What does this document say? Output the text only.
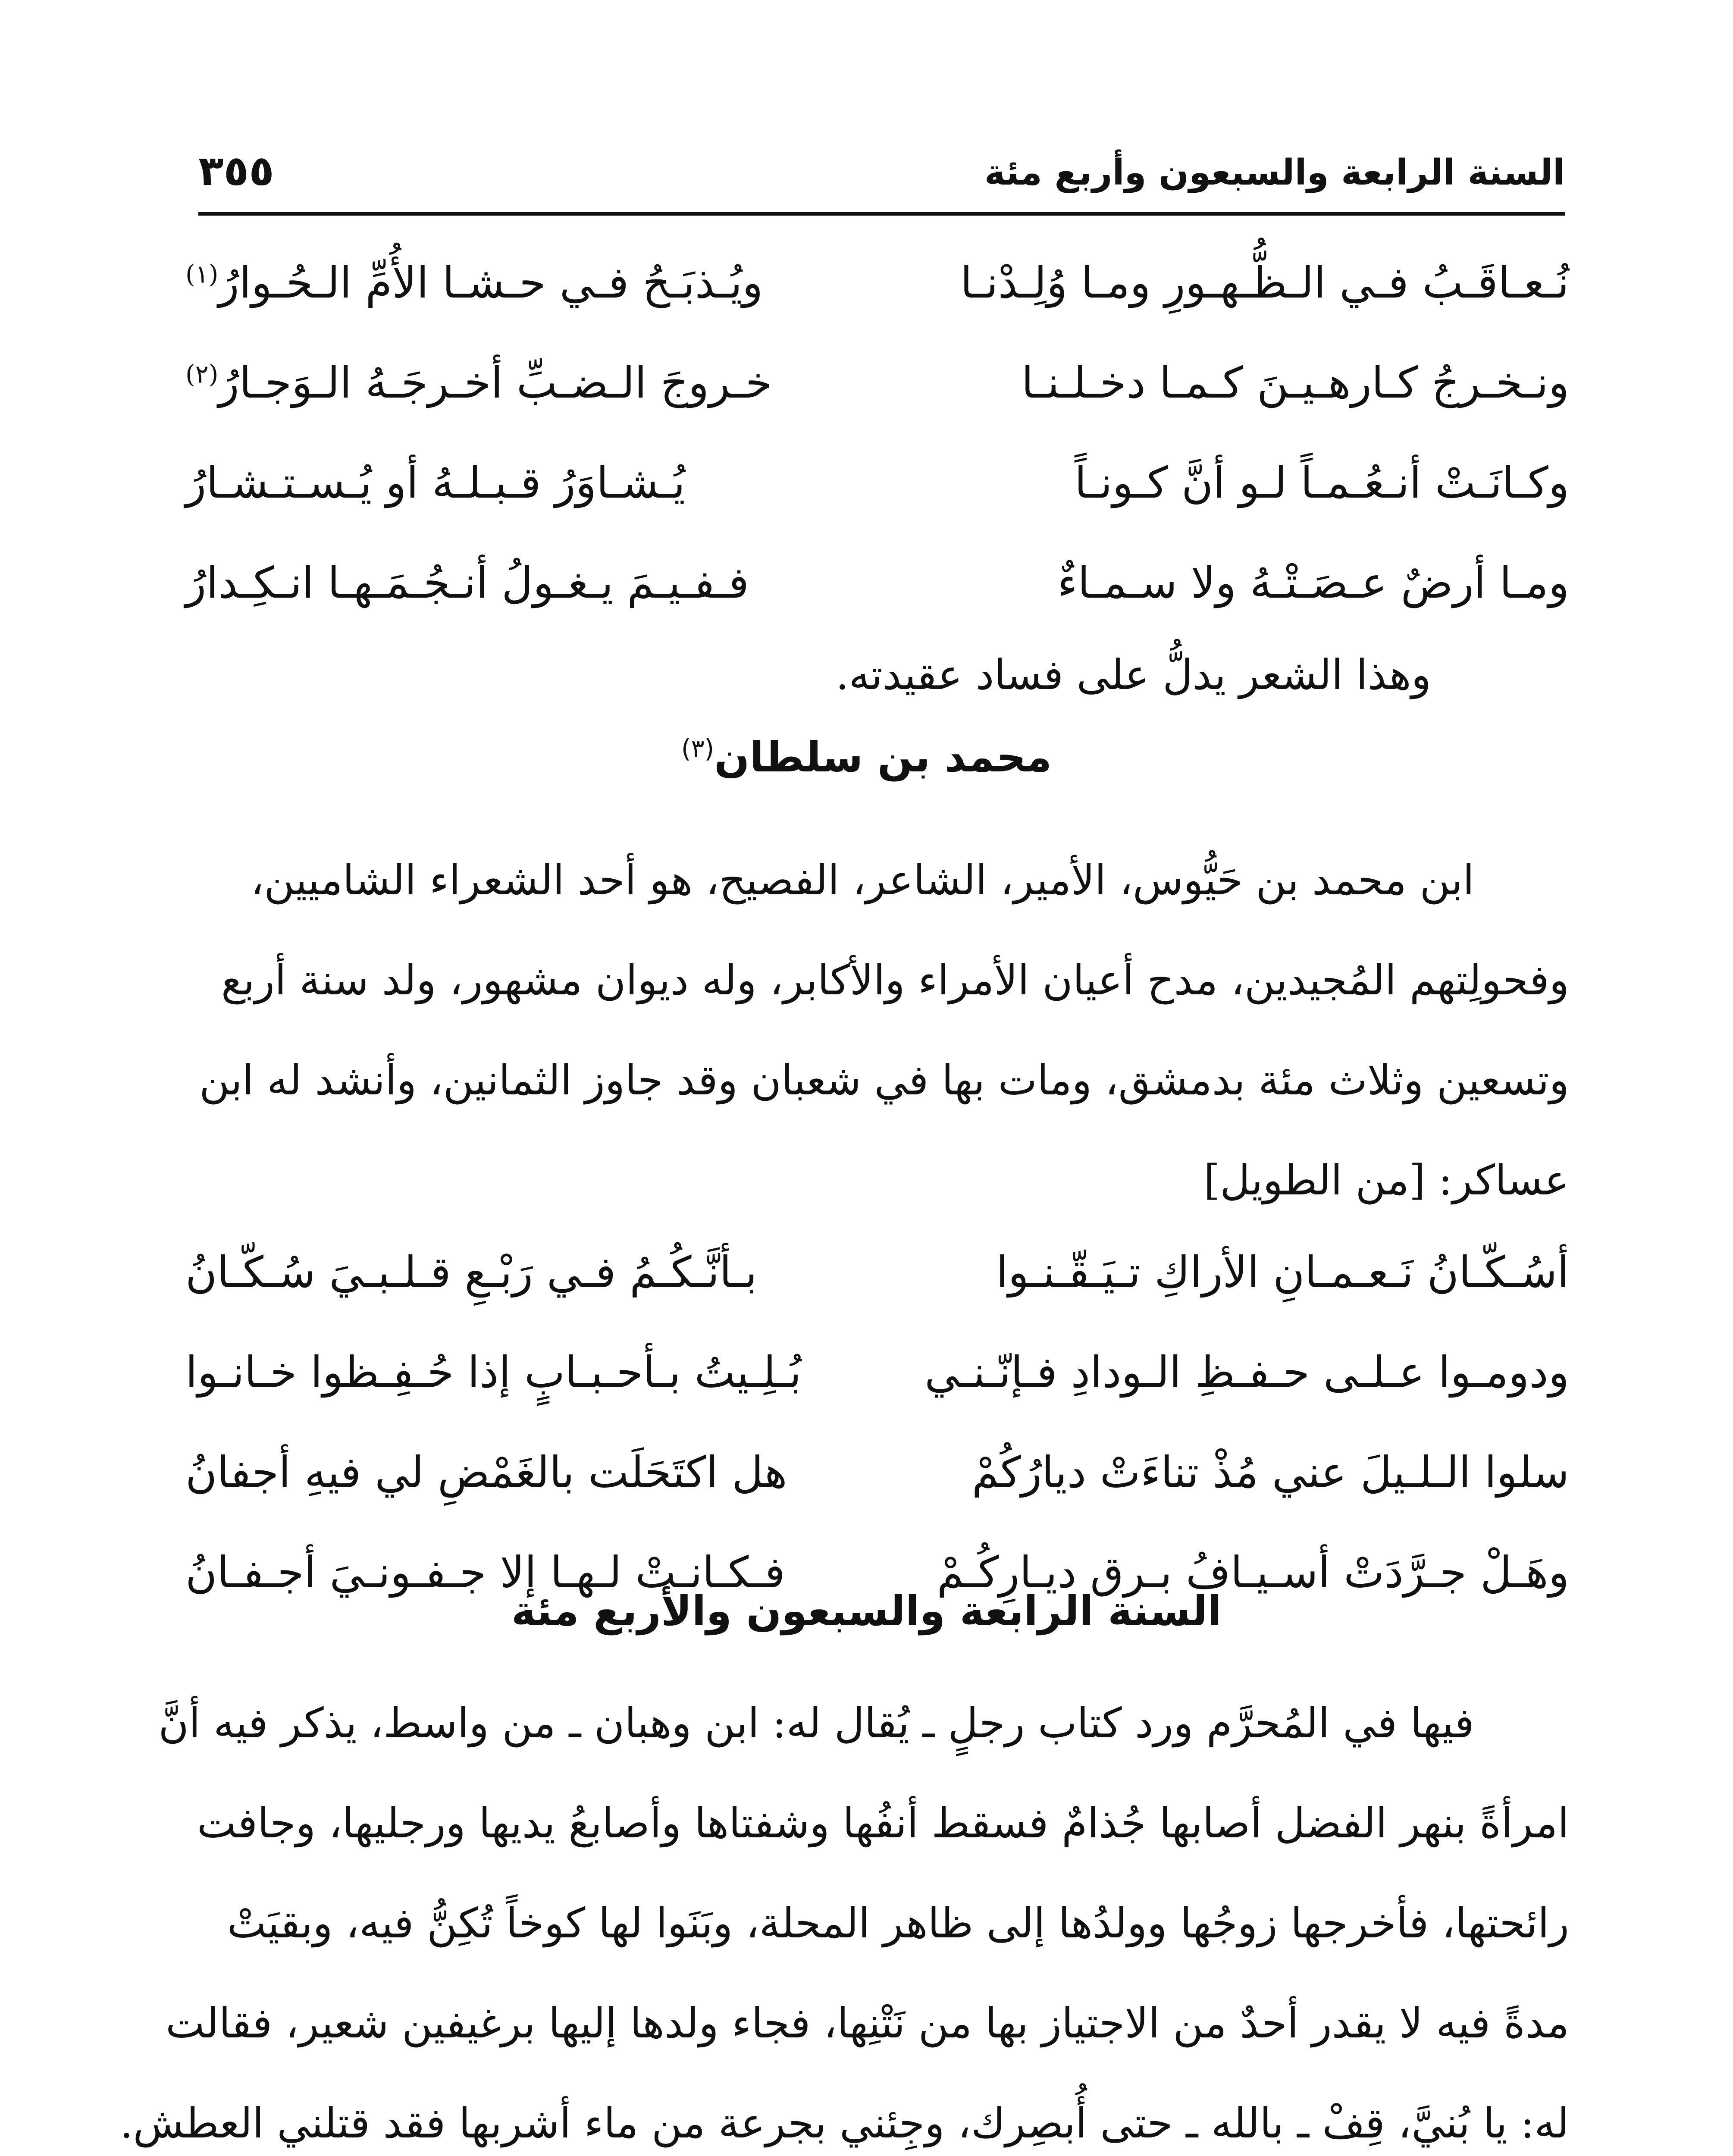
السنة الرابعة والسبعون وأربع مئة
٣٥٥
نُـعـاقَـبُ فـي الـظُّـهـورِ ومـا وُلِـدْنـا
ويُـذبَـحُ فـي حـشـا الأُمِّ الـحُـوارُ$^{(١)}$
ونـخـرجُ كـارهـيـنَ كـمـا دخـلـنـا
خـروجَ الـضـبِّ أخـرجَـهُ الـوَجـارُ$^{(٢)}$
وكـانَـتْ أنـعُـمـاً لـو أنَّ كـونـاً
يُـشـاوَرُ قـبـلـهُ أو يُـسـتـشـارُ
ومـا أرضٌ عـصَـتْـهُ ولا سـمـاءٌ
فـفـيـمَ يـغـولُ أنـجُـمَـهـا انـكِـدارُ
وهذا الشعر يدلُّ على فساد عقيدته.
محمد بن سلطان$^{(٣)}$
ابن محمد بن حَيُّوس، الأمير، الشاعر، الفصيح، هو أحد الشعراء الشاميين،
وفحولِتهم المُجيدين، مدح أعيان الأمراء والأكابر، وله ديوان مشهور، ولد سنة أربع
وتسعين وثلاث مئة بدمشق، ومات بها في شعبان وقد جاوز الثمانين، وأنشد له ابن
عساكر: [من الطويل]
أسُـكّـانُ نَـعـمـانِ الأراكِ تـيَـقّـنـوا
بـأنَّـكُـمُ فـي رَبْـعِ قـلـبـيَ سُـكّـانُ
ودومـوا عـلـى حـفـظِ الـودادِ فـإنّـنـي
بُـلِـيتُ بـأحـبـابٍ إذا حُـفِـظوا خـانـوا
سلوا الـلـيلَ عني مُذْ تناءَتْ ديارُكُمْ
هل اكتَحَلَت بالغَمْضِ لي فيهِ أجفانُ
وهَـلْ جـرَّدَتْ أسـيـافُ بـرق ديـارِكُـمْ
فـكـانـتْ لـهـا إلا جـفـونـيَ أجـفـانُ
السنة الرابعة والسبعون والأربع مئة
فيها في المُحرَّم ورد كتاب رجلٍ ـ يُقال له: ابن وهبان ـ من واسط، يذكر فيه أنَّ
امرأةً بنهر الفضل أصابها جُذامٌ فسقط أنفُها وشفتاها وأصابعُ يديها ورجليها، وجافت
رائحتها، فأخرجها زوجُها وولدُها إلى ظاهر المحلة، وبَنَوا لها كوخاً تُكِنُّ فيه، وبقيَتْ
مدةً فيه لا يقدر أحدٌ من الاجتياز بها من نَتْنِها، فجاء ولدها إليها برغيفين شعير، فقالت
له: يا بُنيَّ، قِفْ ـ بالله ـ حتى أُبصِرك، وجِئني بجرعة من ماء أشربها فقد قتلني العطش.
